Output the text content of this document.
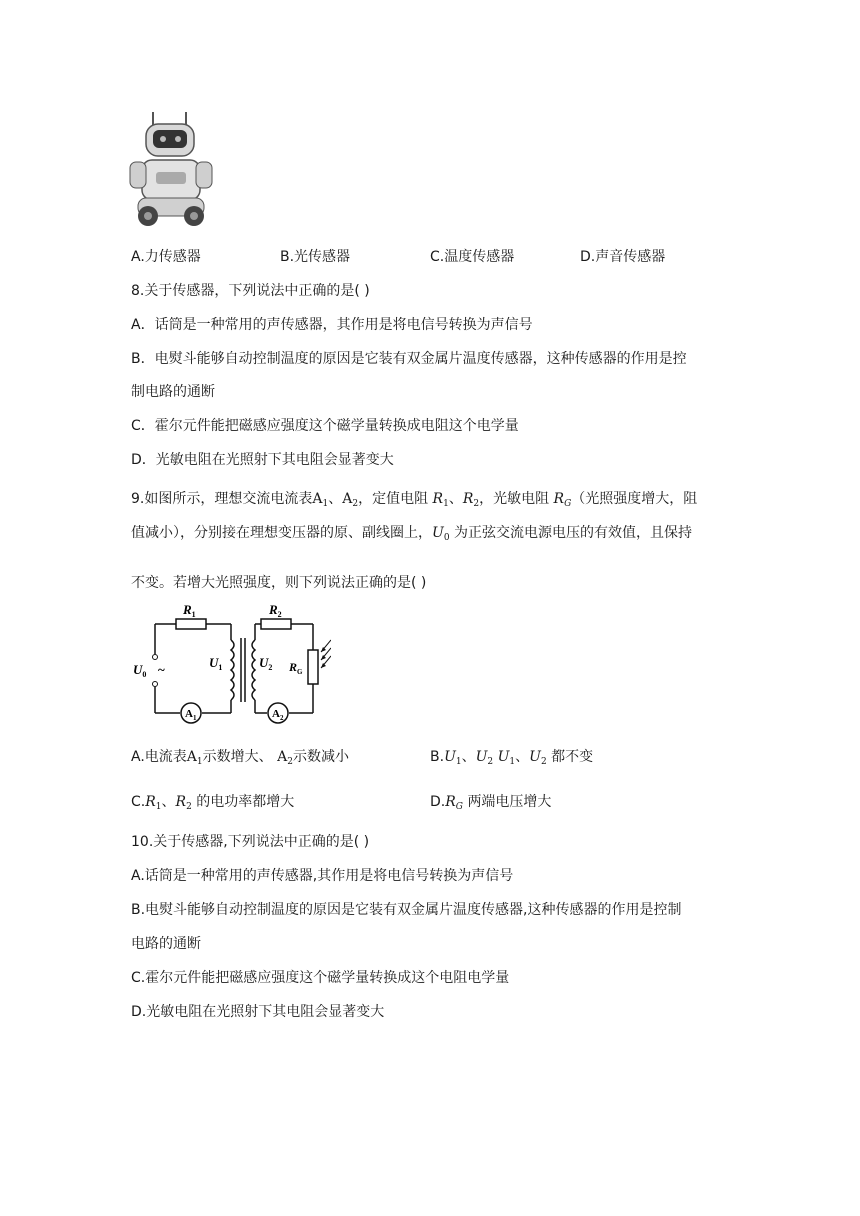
A.力传感器	B.光传感器	C.温度传感器	D.声音传感器
8.关于传感器，下列说法中正确的是( )
A．话筒是一种常用的声传感器，其作用是将电信号转换为声信号
B．电熨斗能够自动控制温度的原因是它装有双金属片温度传感器，这种传感器的作用是控
制电路的通断
C．霍尔元件能把磁感应强度这个磁学量转换成电阻这个电学量
D．光敏电阻在光照射下其电阻会显著变大
9.如图所示，理想交流电流表$A_1$、$A_2$，定值电阻 $R_1$、$R_2$，光敏电阻 $R_G$（光照强度增大，阻
值减小），分别接在理想变压器的原、副线圈上，$U_0$ 为正弦交流电源电压的有效值，且保持
不变。若增大光照强度，则下列说法正确的是( )
$R_1$	$R_2$
$U_0$ ~	$U_1$	$U_2$ $R_G$
$A_1$	$A_2$
A.电流表$A_1$示数增大、 $A_2$示数减小	$B.U_1$、$U_2$ $U_1$、$U_2$ 都不变
$C.R_1$、$R_2$ 的电功率都增大	$D.R_G$ 两端电压增大
10.关于传感器,下列说法中正确的是( )
A.话筒是一种常用的声传感器,其作用是将电信号转换为声信号
B.电熨斗能够自动控制温度的原因是它装有双金属片温度传感器,这种传感器的作用是控制
电路的通断
C.霍尔元件能把磁感应强度这个磁学量转换成这个电阻电学量
D.光敏电阻在光照射下其电阻会显著变大
